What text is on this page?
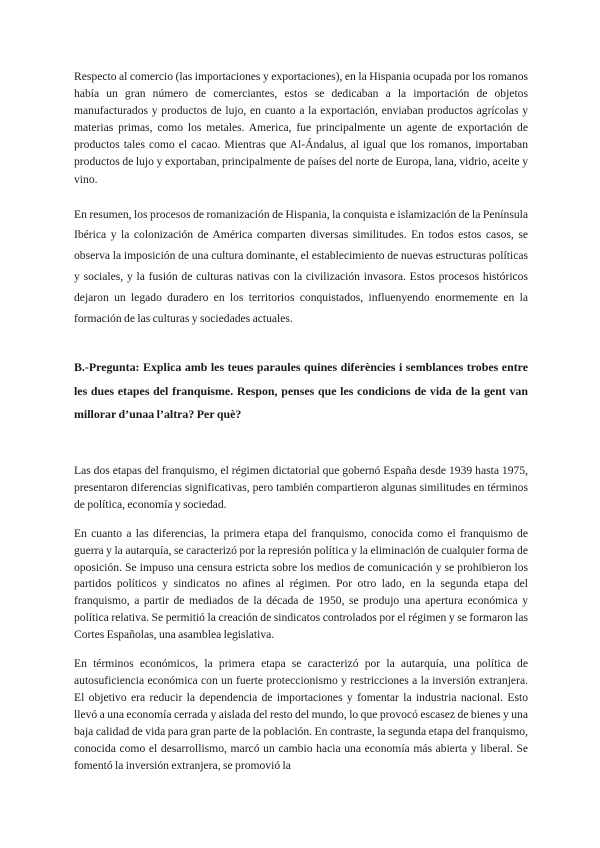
Respecto al comercio (las importaciones y exportaciones), en la Hispania ocupada por los romanos había un gran número de comerciantes, estos se dedicaban a la importación de objetos manufacturados y productos de lujo, en cuanto a la exportación, enviaban productos agrícolas y materias primas, como los metales. America, fue principalmente un agente de exportación de productos tales como el cacao. Mientras que Al-Ándalus, al igual que los romanos, importaban productos de lujo y exportaban, principalmente de países del norte de Europa, lana, vidrio, aceite y vino.

En resumen, los procesos de romanización de Hispania, la conquista e islamización de la Península Ibérica y la colonización de América comparten diversas similitudes. En todos estos casos, se observa la imposición de una cultura dominante, el establecimiento de nuevas estructuras políticas y sociales, y la fusión de culturas nativas con la civilización invasora. Estos procesos históricos dejaron un legado duradero en los territorios conquistados, influenyendo enormemente en la formación de las culturas y sociedades actuales.

B.-Pregunta: Explica amb les teues paraules quines diferències i semblances trobes entre les dues etapes del franquisme. Respon, penses que les condicions de vida de la gent van millorar d’unaa l’altra? Per què?

Las dos etapas del franquismo, el régimen dictatorial que gobernó España desde 1939 hasta 1975, presentaron diferencias significativas, pero también compartieron algunas similitudes en términos de política, economía y sociedad.

En cuanto a las diferencias, la primera etapa del franquismo, conocida como el franquismo de guerra y la autarquía, se caracterizó por la represión política y la eliminación de cualquier forma de oposición. Se impuso una censura estricta sobre los medios de comunicación y se prohibieron los partidos políticos y sindicatos no afines al régimen. Por otro lado, en la segunda etapa del franquismo, a partir de mediados de la década de 1950, se produjo una apertura económica y política relativa. Se permitió la creación de sindicatos controlados por el régimen y se formaron las Cortes Españolas, una asamblea legislativa.

En términos económicos, la primera etapa se caracterizó por la autarquía, una política de autosuficiencia económica con un fuerte proteccionismo y restricciones a la inversión extranjera. El objetivo era reducir la dependencia de importaciones y fomentar la industria nacional. Esto llevó a una economía cerrada y aislada del resto del mundo, lo que provocó escasez de bienes y una baja calidad de vida para gran parte de la población. En contraste, la segunda etapa del franquismo, conocida como el desarrollismo, marcó un cambio hacia una economía más abierta y liberal. Se fomentó la inversión extranjera, se promovió la
